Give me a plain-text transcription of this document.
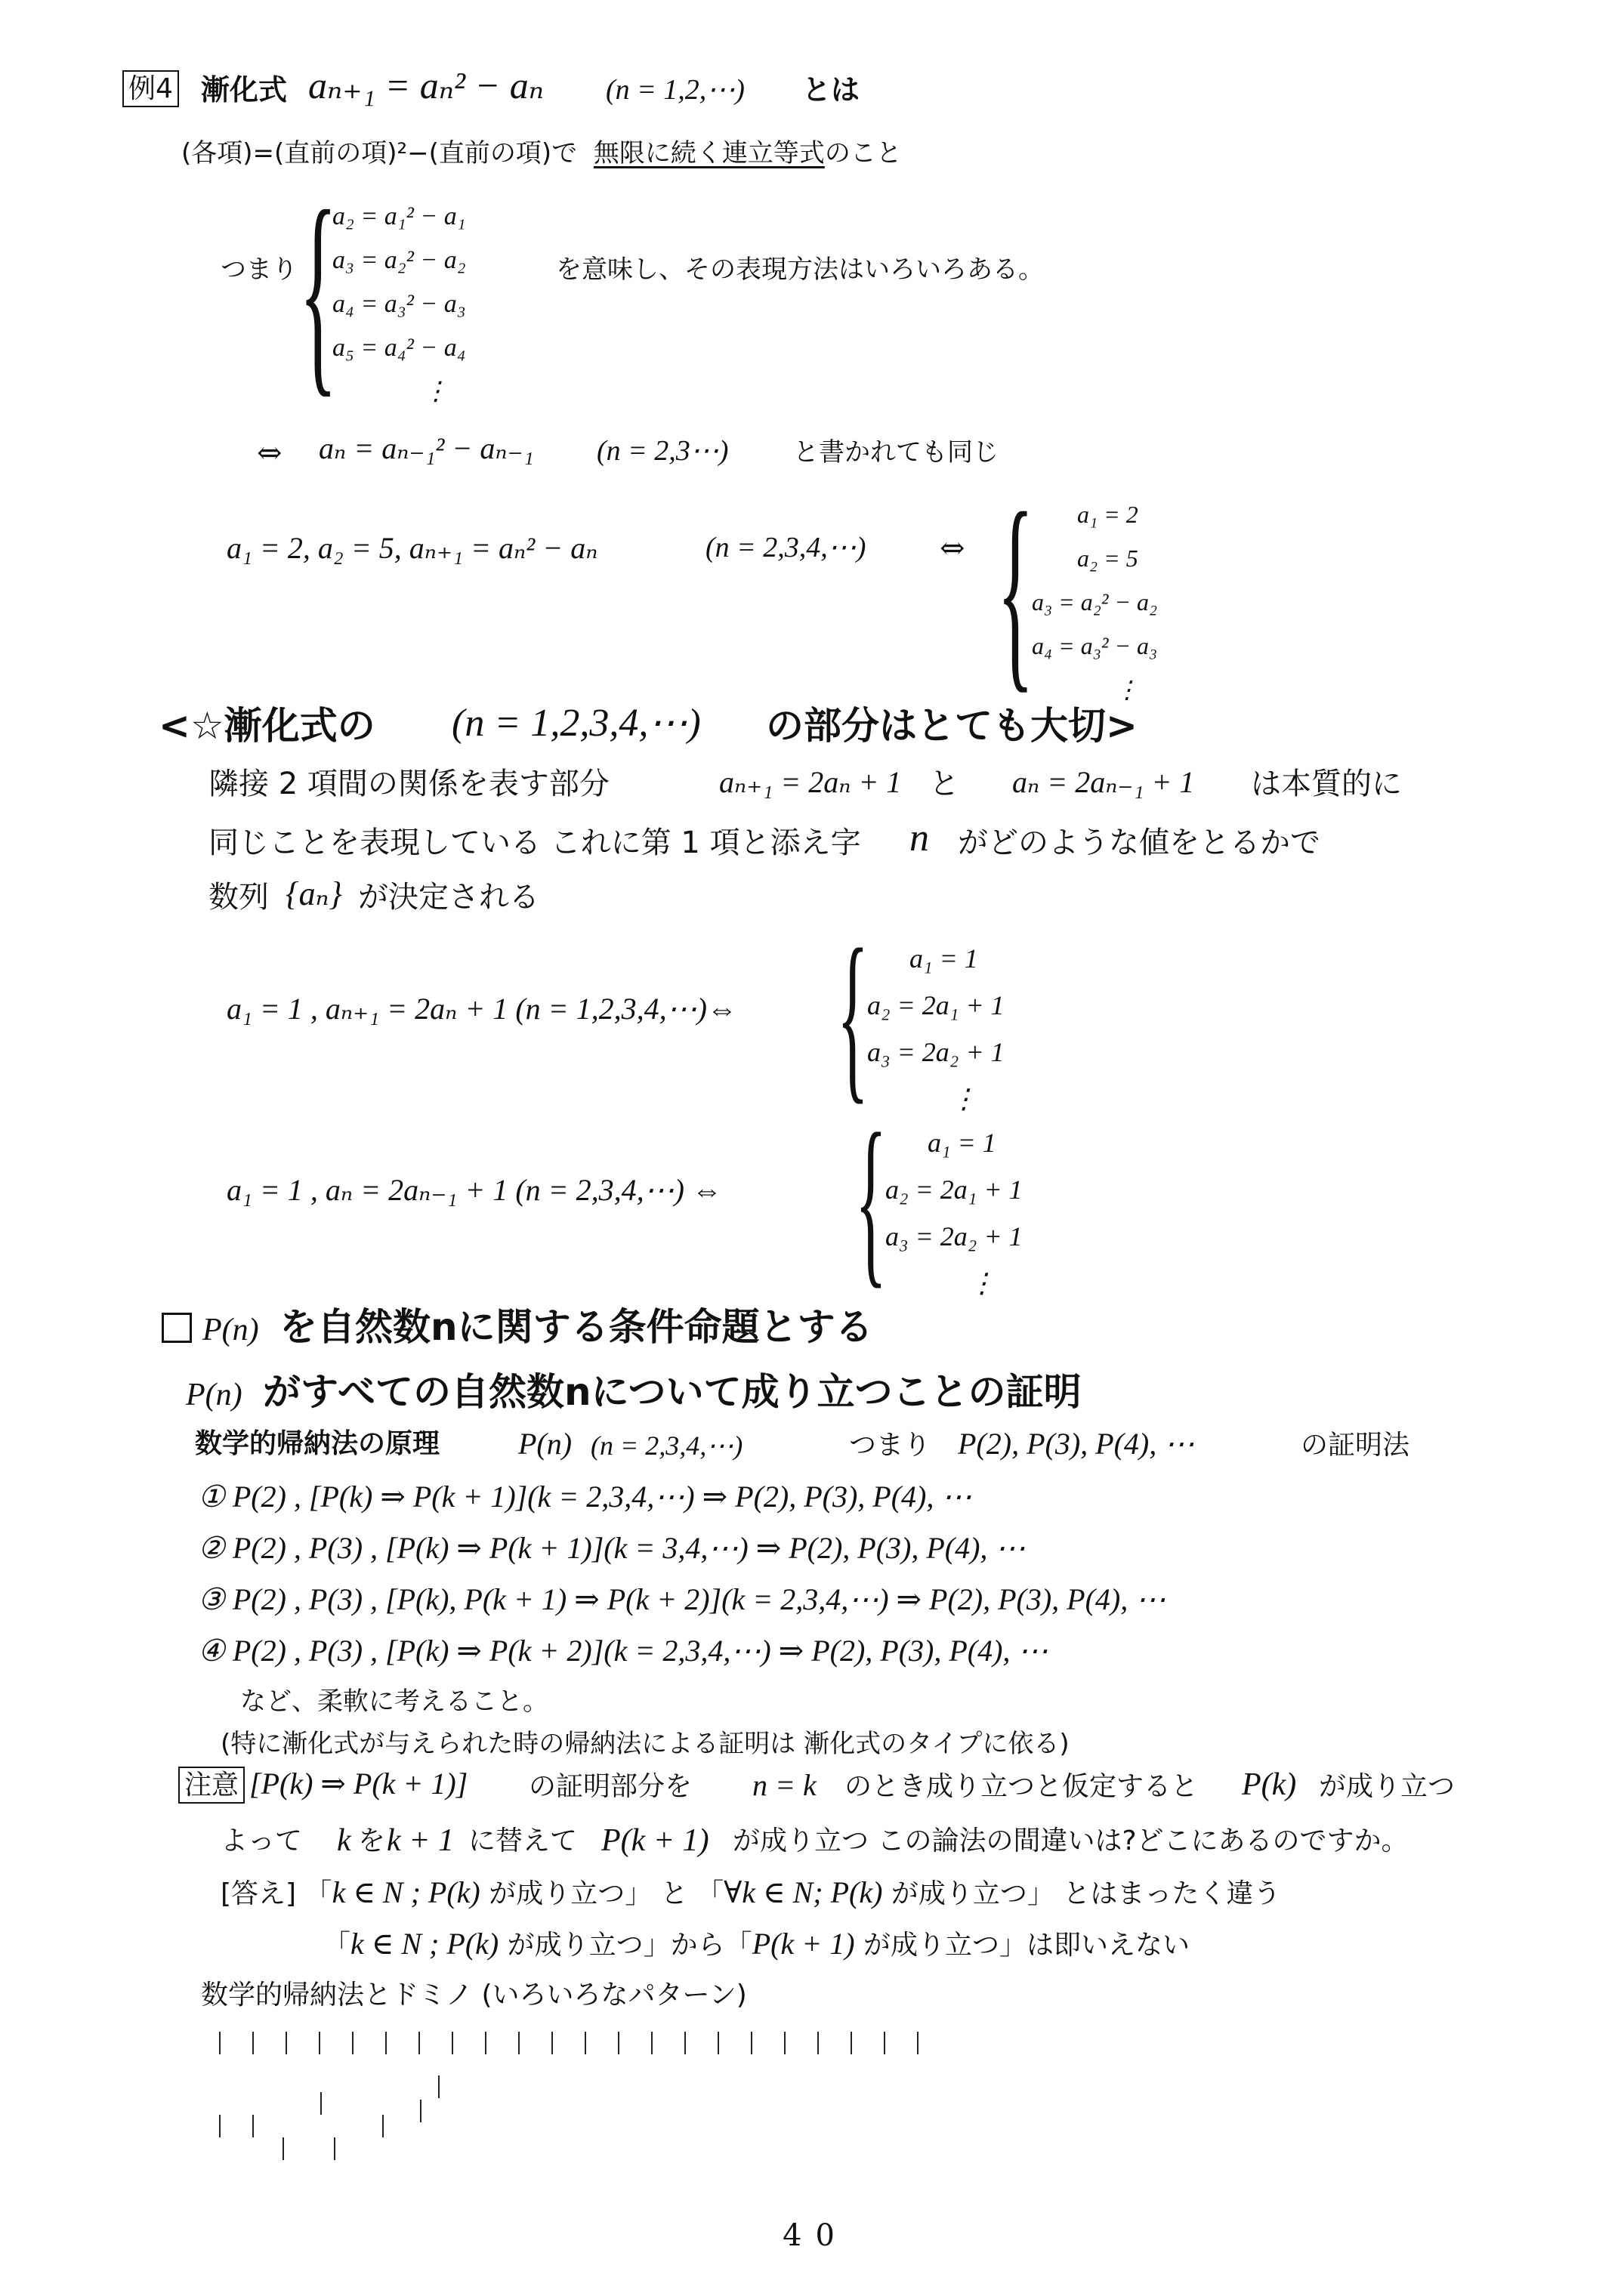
例4 漸化式 aₙ₊₁ = aₙ² − aₙ (n = 1,2,⋯) とは
(各項)=(直前の項)²−(直前の項)で 無限に続く連立等式のこと
つまり {
a₂ = a₁² − a₁
a₃ = a₂² − a₂
a₄ = a₃² − a₃
a₅ = a₄² − a₄
⋮
を意味し、その表現方法はいろいろある。
⇔ aₙ = aₙ₋₁² − aₙ₋₁ (n = 2,3⋯)	と書かれても同じ
a₁ = 2, a₂ = 5, aₙ₊₁ = aₙ² − aₙ	(n = 2,3,4,⋯) ⇔ {	a₁ = 2
a₂ = 5
a₃ = a₂² − a₂
a₄ = a₃² − a₃
⋮
<☆漸化式の (n = 1,2,3,4,⋯) の部分はとても大切>
隣接 2 項間の関係を表す部分	aₙ₊₁ = 2aₙ + 1 と aₙ = 2aₙ₋₁ + 1 は本質的に
同じことを表現している これに第 1 項と添え字 n がどのような値をとるかで
数列 {aₙ} が決定される
a₁ = 1 , aₙ₊₁ = 2aₙ + 1 (n = 1,2,3,4,⋯)⇔ {	a₁ = 1
a₂ = 2a₁ + 1
a₃ = 2a₂ + 1
⋮
a₁ = 1 , aₙ = 2aₙ₋₁ + 1 (n = 2,3,4,⋯) ⇔ {	a₁ = 1
a₂ = 2a₁ + 1
a₃ = 2a₂ + 1
⋮
P(n) を自然数nに関する条件命題とする
P(n) がすべての自然数nについて成り立つことの証明
数学的帰納法の原理	P(n) (n = 2,3,4,⋯)	つまり P(2), P(3), P(4), ⋯	の証明法
① P(2) , [P(k) ⇒ P(k + 1)](k = 2,3,4,⋯) ⇒ P(2), P(3), P(4), ⋯
② P(2) , P(3) , [P(k) ⇒ P(k + 1)](k = 3,4,⋯) ⇒ P(2), P(3), P(4), ⋯
③ P(2) , P(3) , [P(k), P(k + 1) ⇒ P(k + 2)](k = 2,3,4,⋯) ⇒ P(2), P(3), P(4), ⋯
④ P(2) , P(3) , [P(k) ⇒ P(k + 2)](k = 2,3,4,⋯) ⇒ P(2), P(3), P(4), ⋯
など、柔軟に考えること。
(特に漸化式が与えられた時の帰納法による証明は 漸化式のタイプに依る)
注意 [P(k) ⇒ P(k + 1)] の証明部分を n = k のとき成り立つと仮定すると P(k) が成り立つ
よって k を k + 1 に替えて P(k + 1) が成り立つ この論法の間違いは?どこにあるのですか。
[答え] 「k ∈ N ; P(k) が成り立つ」 と 「∀k ∈ N; P(k) が成り立つ」 とはまったく違う
「k ∈ N ; P(k) が成り立つ」から「P(k + 1) が成り立つ」は即いえない
数学的帰納法とドミノ (いろいろなパターン)
40
